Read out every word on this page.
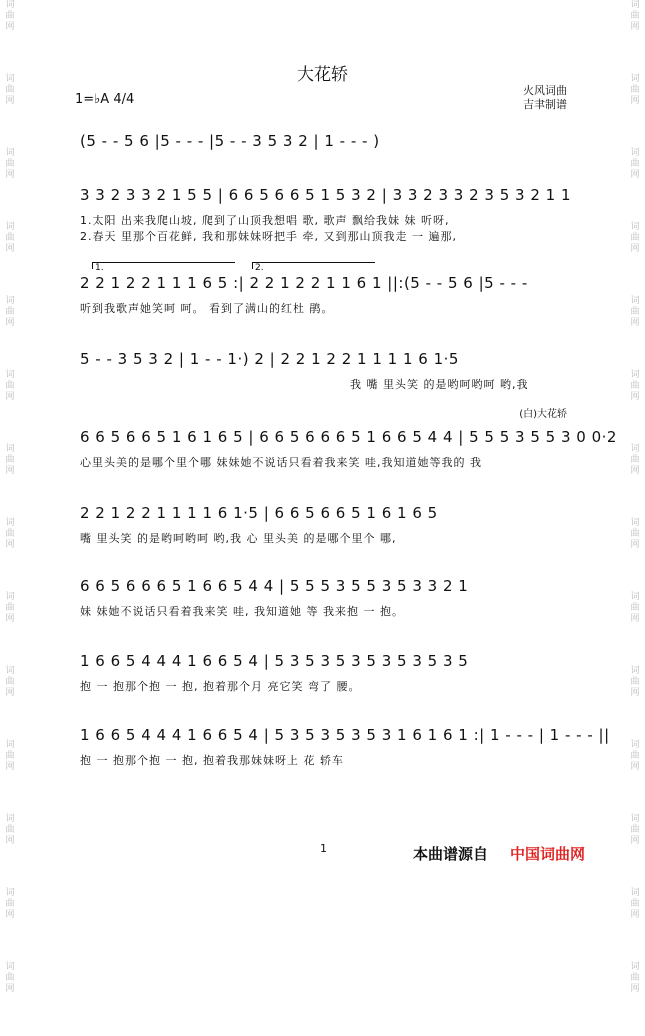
词
曲
网
词
曲
网
词
曲
网
词
曲
网
词
曲
网
词
曲
网
词
曲
网
词
曲
网
词
曲
网
词
曲
网
词
曲
网
词
曲
网
词
曲
网
词
曲
网
词
曲
网
词
曲
网
词
曲
网
词
曲
网
词
曲
网
词
曲
网
词
曲
网
词
曲
网
词
曲
网
词
曲
网
词
曲
网
词
曲
网
词
曲
网
词
曲
网
大花轿
1=♭A 4/4
火风词曲
吉聿制谱
(5 - - 5 6 |5 - - - |5 - - 3 5 3 2 | 1 - - - )
3 3 2 3 3 2 1 5 5 | 6 6 5 6 6 5 1 5 3 2 | 3 3 2 3 3 2 3 5 3 2 1 1
1.太阳 出来我爬山坡, 爬到了山顶我想唱 歌, 歌声 飘给我妹 妹 听呀,
2.春天 里那个百花鲜, 我和那妹妹呀把手 牵, 又到那山顶我走 一 遍那,
1.	2.
2 2 1 2 2 1 1 1 6 5 :| 2 2 1 2 2 1 1 6 1 ||:(5 - - 5 6 |5 - - -
听到我歌声她笑呵 呵。 看到了满山的红杜 鹃。
5 - - 3 5 3 2 | 1 - - 1·) 2 | 2 2 1 2 2 1 1 1 1 6 1·5
我 嘴 里头笑 的是哟呵哟呵 哟,我
(白)大花轿
6 6 5 6 6 5 1 6 1 6 5 | 6 6 5 6 6 6 5 1 6 6 5 4 4 | 5 5 5 3 5 5 3 0 0·2
心里头美的是哪个里个哪 妹妹她不说话只看着我来笑 哇,我知道她等我的 我
2 2 1 2 2 1 1 1 1 6 1·5 | 6 6 5 6 6 5 1 6 1 6 5
嘴 里头笑 的是哟呵哟呵 哟,我 心 里头美 的是哪个里个 哪,
6 6 5 6 6 6 5 1 6 6 5 4 4 | 5 5 5 3 5 5 3 5 3 3 2 1
妹 妹她不说话只看着我来笑 哇, 我知道她 等 我来抱 一 抱。
1 6 6 5 4 4 4 1 6 6 5 4 | 5 3 5 3 5 3 5 3 5 3 5 3 5
抱 一 抱那个抱 一 抱, 抱着那个月 亮它笑 弯了 腰。
1 6 6 5 4 4 4 1 6 6 5 4 | 5 3 5 3 5 3 5 3 1 6 1 6 1 :| 1 - - - | 1 - - - ||
抱 一 抱那个抱 一 抱, 抱着我那妹妹呀上 花 轿车
1	本曲谱源自 中国词曲网
